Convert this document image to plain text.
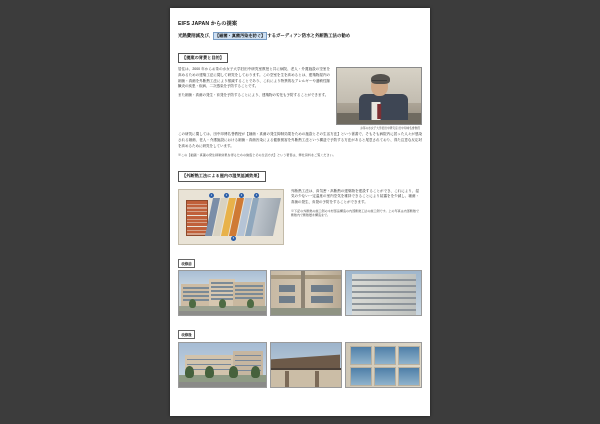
EIFS JAPAN からの提案
光熱費削減及び、 【細菌・真菌汚染を防ぐ】 するガーディアン防水と外断熱工法の勧め
【提案の背景と目的】

居住は、2000 年からお茶の水女子大学旧田中研究室教授と共に病院、老人・介護施設の空室を高めるための建築工法に関して研究をしております。この空室を生を高めるとは、建築物屋内の細菌・真菌を外断熱工法により推減することであり、これにより特異的なアレルギーや過敏性肺臓炎の疾患・疾病、二次感染を予防することです。

また細菌・真菌の発生・育発を予防することにより、建築物の劣化も予防することができます。

お茶の水女子大学旧田中研究室 田中印博名誉教授

この研究に関しては、田中印博名誉教授が【細菌・真菌の発生抑制効果をための施設とその生活方法】という著書で、そもそも病院内に居った人々が感染される細菌、老人・介護施設における細菌・真菌汚染による健康被害を外断熱工法という構造で予防する方法があると尾意されており、得た注意な反応対を高めるために研究をしています。

※この【細菌・真菌の発生抑制効果を得るための施設とその生活方式】という著書は、弊社資料をご覧ください。

【外断熱工法による屋内の湿気低減効果】
1	2	3	4
5

外断熱工法は、高気密・高断熱の建築物を建設することができ、これにより、湿気の少ない一定温度の室内空気を維持できることにより結露をを少減し、細菌・真菌の発生、育発の予防をすることができます。

※下記の外断熱の施工例の木材部品構造の内部断熱工法の施工例です。上の写真は内部断熱で断熱内で断熱層を構造まで。
改修前
改修後
